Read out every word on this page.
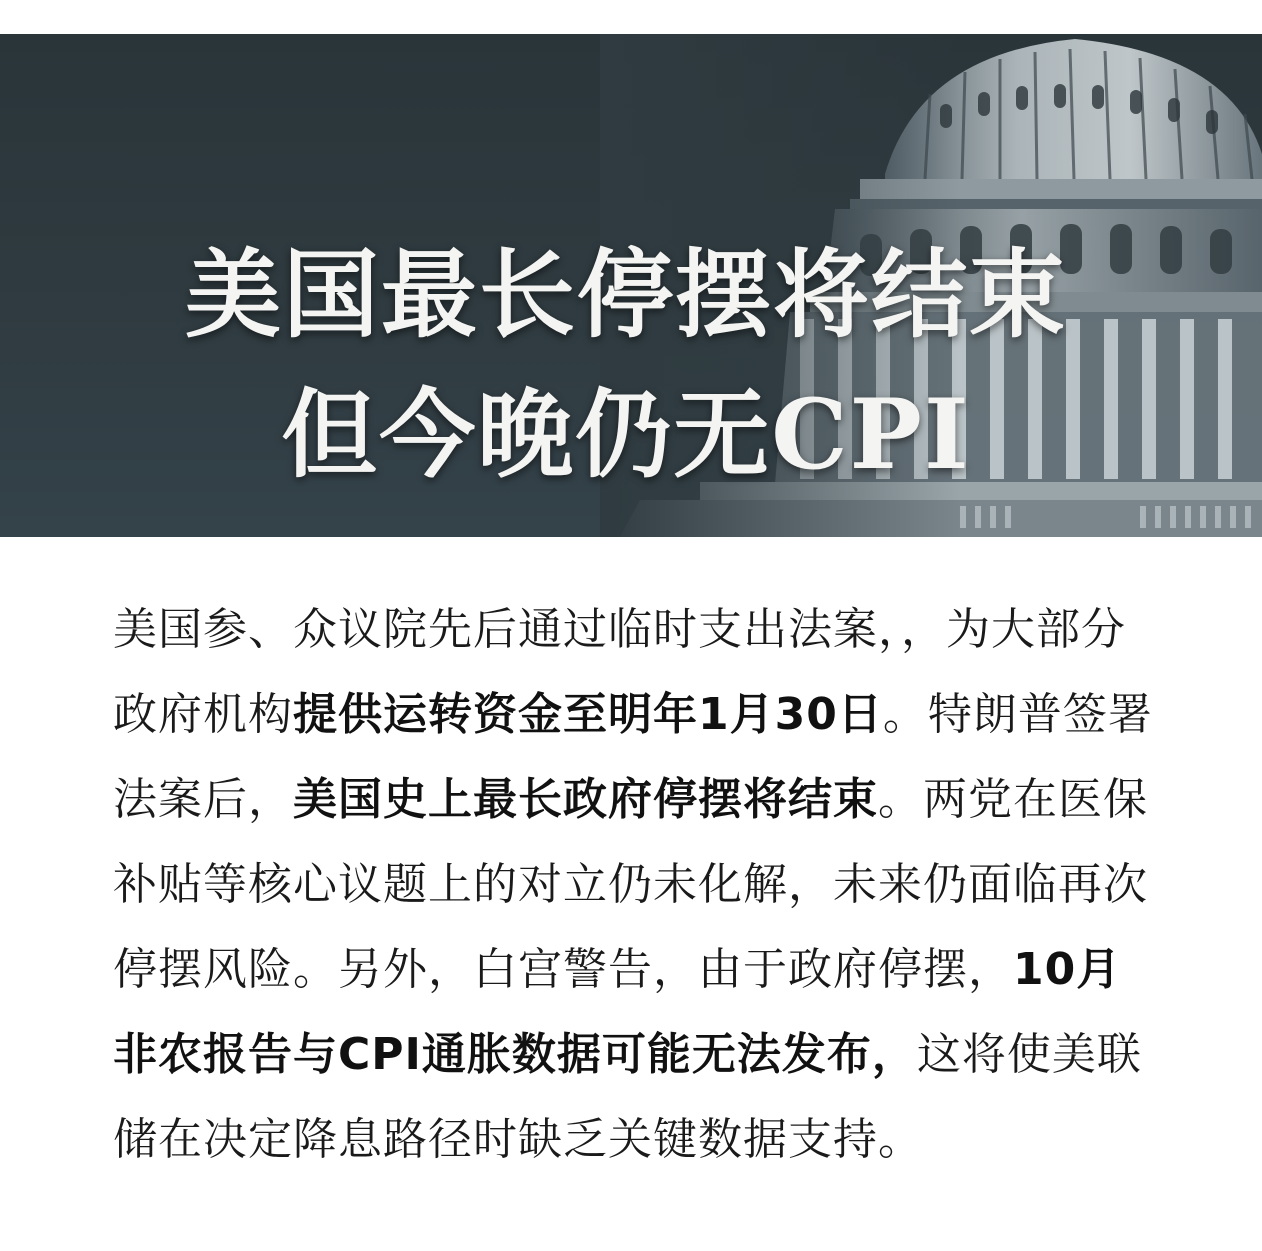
美国最长停摆将结束
但今晚仍无CPI
美国参、众议院先后通过临时支出法案，，为大部分政府机构提供运转资金至明年1月30日。特朗普签署法案后，美国史上最长政府停摆将结束。两党在医保补贴等核心议题上的对立仍未化解，未来仍面临再次停摆风险。另外，白宫警告，由于政府停摆，10月非农报告与CPI通胀数据可能无法发布，这将使美联储在决定降息路径时缺乏关键数据支持。
